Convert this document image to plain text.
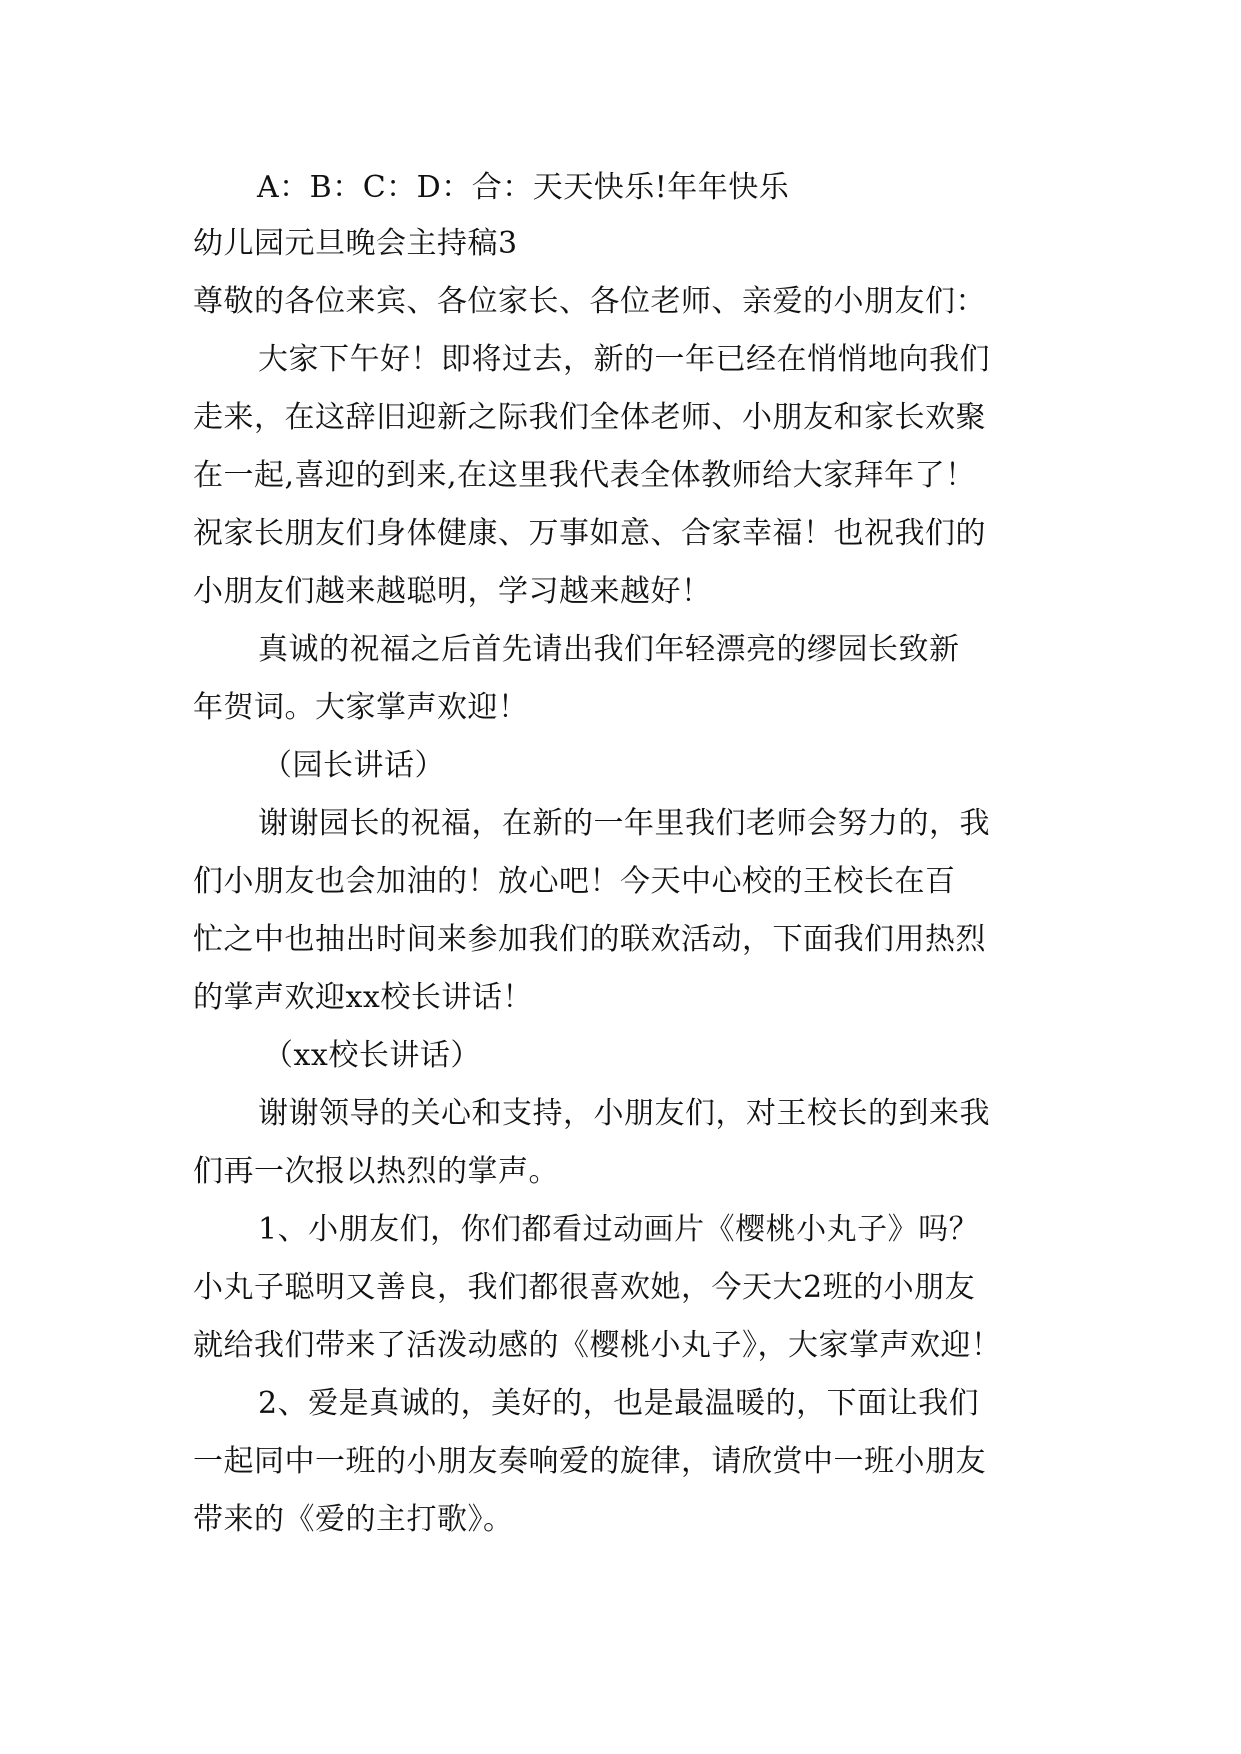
A：B：C：D：合：天天快乐!年年快乐
幼儿园元旦晚会主持稿3
尊敬的各位来宾、各位家长、各位老师、亲爱的小朋友们：
大家下午好！即将过去，新的一年已经在悄悄地向我们
走来，在这辞旧迎新之际我们全体老师、小朋友和家长欢聚
在一起,喜迎的到来,在这里我代表全体教师给大家拜年了！
祝家长朋友们身体健康、万事如意、合家幸福！也祝我们的
小朋友们越来越聪明，学习越来越好！
真诚的祝福之后首先请出我们年轻漂亮的缪园长致新
年贺词。大家掌声欢迎！
（园长讲话）
谢谢园长的祝福，在新的一年里我们老师会努力的，我
们小朋友也会加油的！放心吧！今天中心校的王校长在百
忙之中也抽出时间来参加我们的联欢活动，下面我们用热烈
的掌声欢迎xx校长讲话！
（xx校长讲话）
谢谢领导的关心和支持，小朋友们，对王校长的到来我
们再一次报以热烈的掌声。
1、小朋友们，你们都看过动画片《樱桃小丸子》吗？
小丸子聪明又善良，我们都很喜欢她，今天大2班的小朋友
就给我们带来了活泼动感的《樱桃小丸子》，大家掌声欢迎！
2、爱是真诚的，美好的，也是最温暖的，下面让我们
一起同中一班的小朋友奏响爱的旋律，请欣赏中一班小朋友
带来的《爱的主打歌》。
